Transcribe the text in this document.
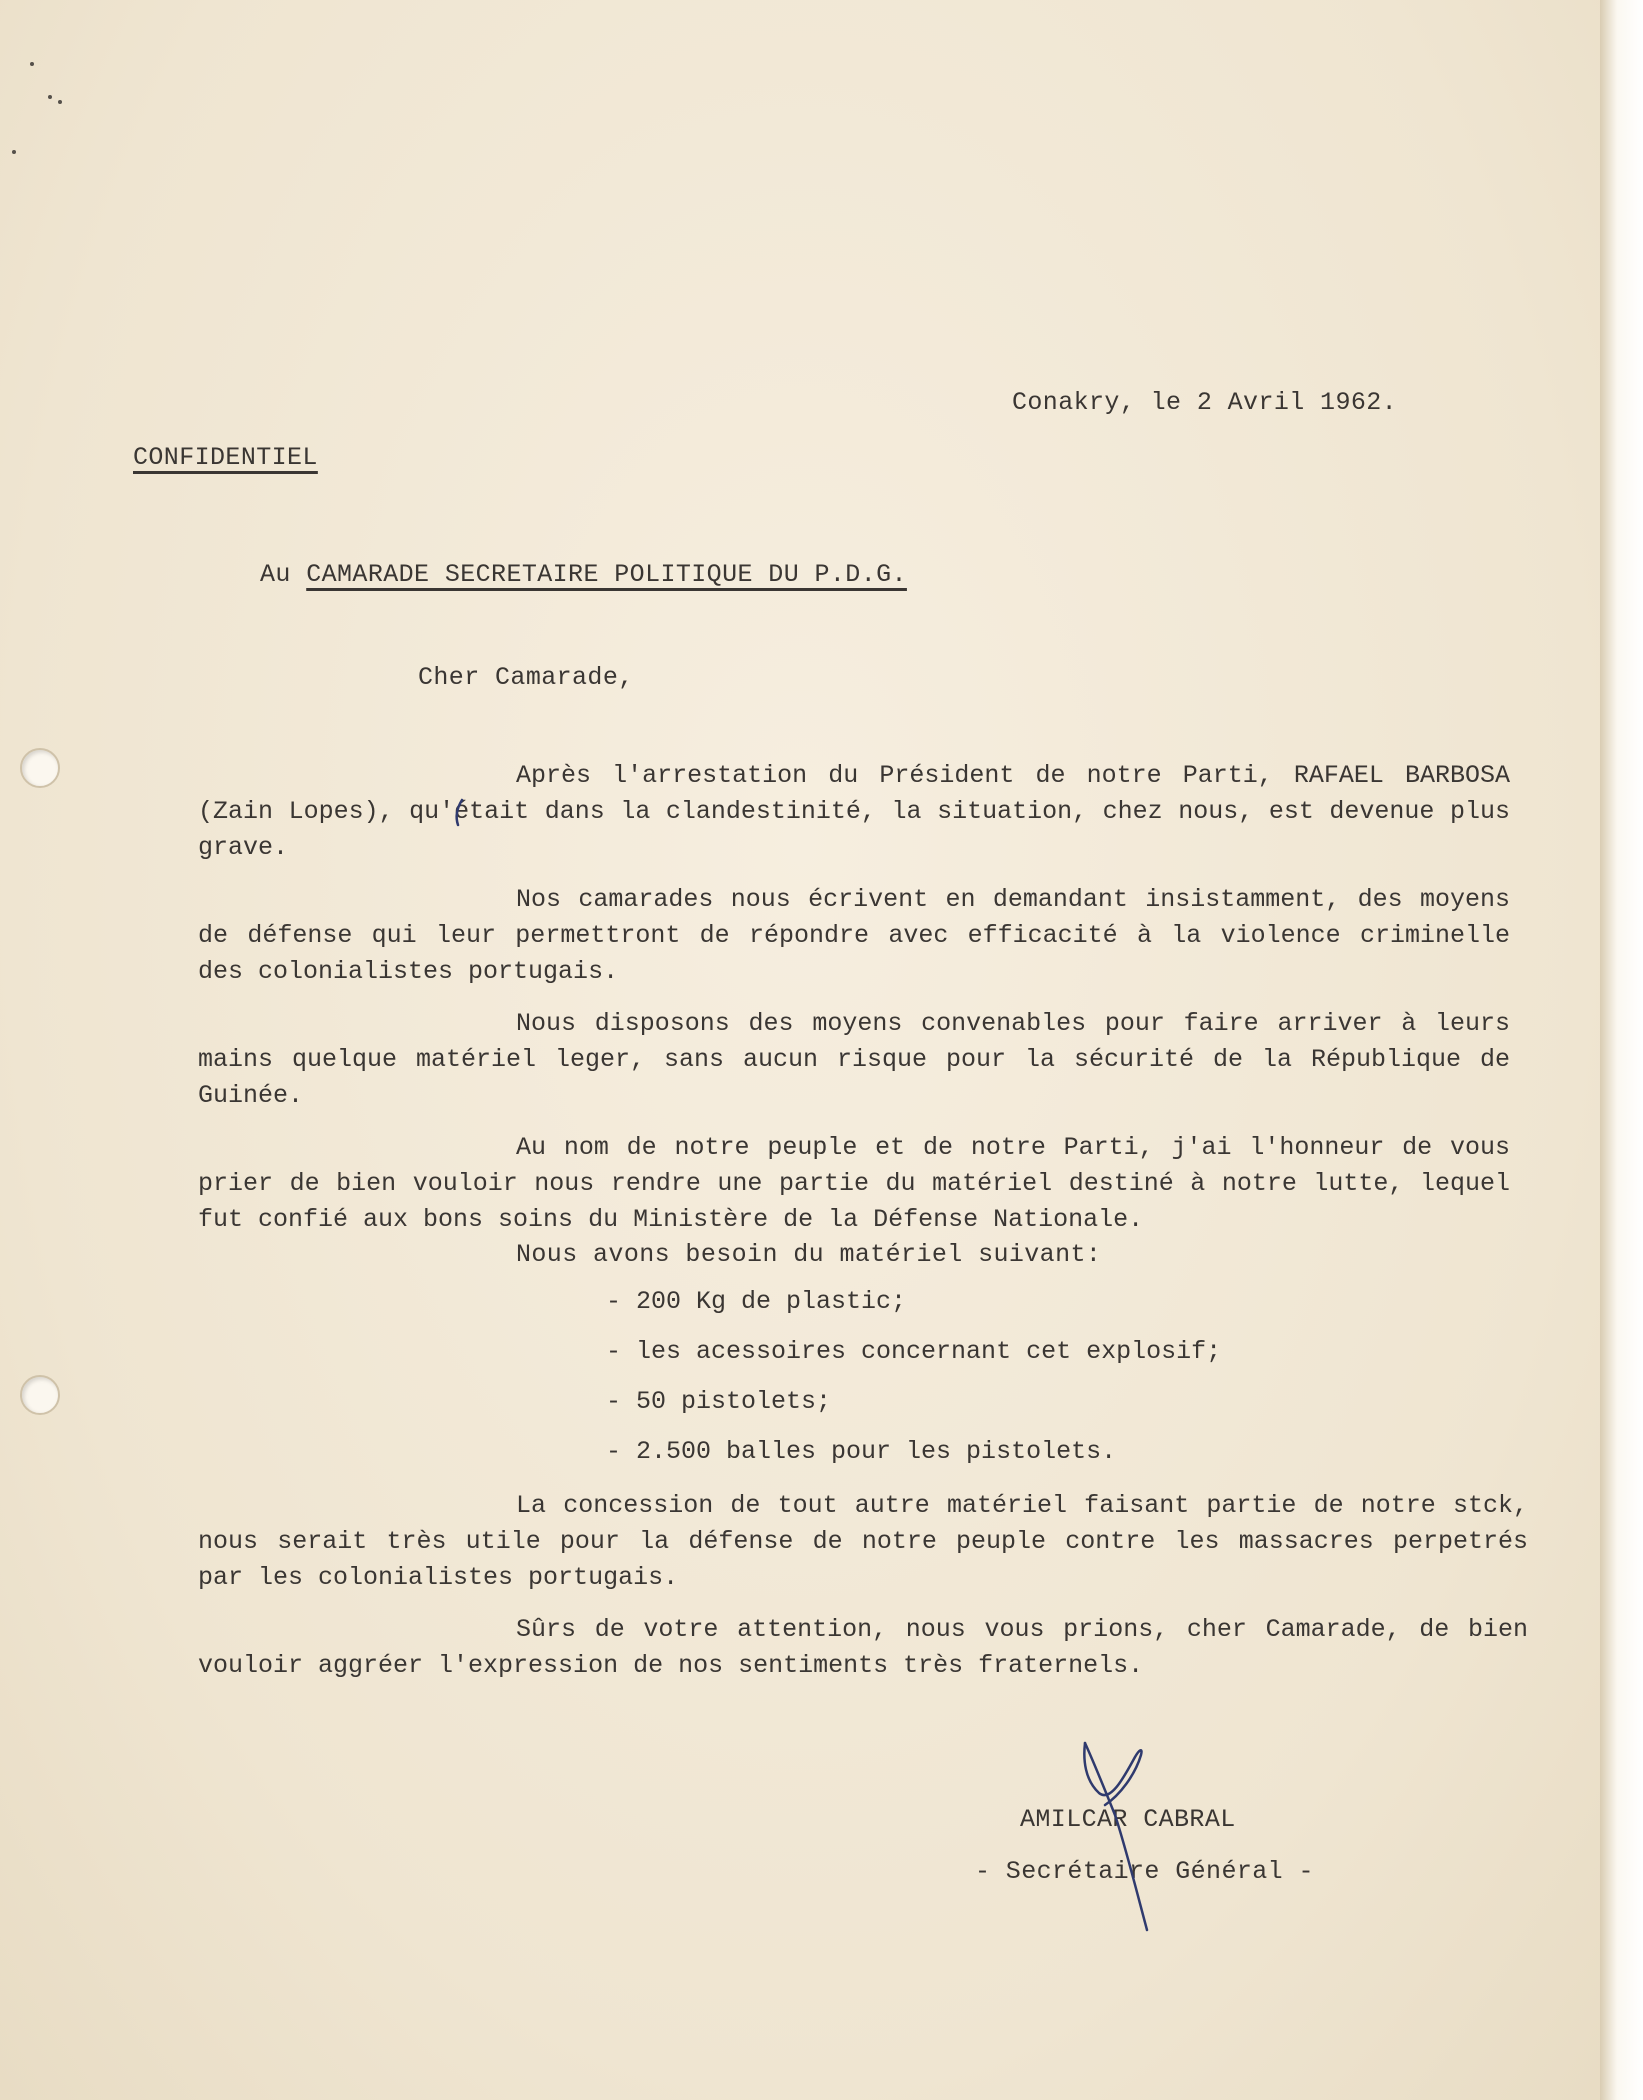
Conakry, le 2 Avril 1962.
CONFIDENTIEL
Au CAMARADE SECRETAIRE POLITIQUE DU P.D.G.
Cher Camarade,

Après l'arrestation du Président de notre Parti, RAFAEL BARBOSA (Zain Lopes), qu'était dans la clandestinité, la situation, chez nous, est devenue plus grave.

Nos camarades nous écrivent en demandant insistamment, des moyens de défense qui leur permettront de répondre avec efficacité à la violence criminelle des colonialistes portugais.

Nous disposons des moyens convenables pour faire arriver à leurs mains quelque matériel leger, sans aucun risque pour la sécurité de la République de Guinée.

Au nom de notre peuple et de notre Parti, j'ai l'honneur de vous prier de bien vouloir nous rendre une partie du matériel destiné à notre lutte, lequel fut confié aux bons soins du Ministère de la Défense Nationale.

Nous avons besoin du matériel suivant:
- 200 Kg de plastic;
- les acessoires concernant cet explosif;
- 50 pistolets;
- 2.500 balles pour les pistolets.

La concession de tout autre matériel faisant partie de notre stck, nous serait très utile pour la défense de notre peuple contre les massacres perpetrés par les colonialistes portugais.

Sûrs de votre attention, nous vous prions, cher Camarade, de bien vouloir aggréer l'expression de nos sentiments très fraternels.

AMILCAR CABRAL
- Secrétaire Général -
